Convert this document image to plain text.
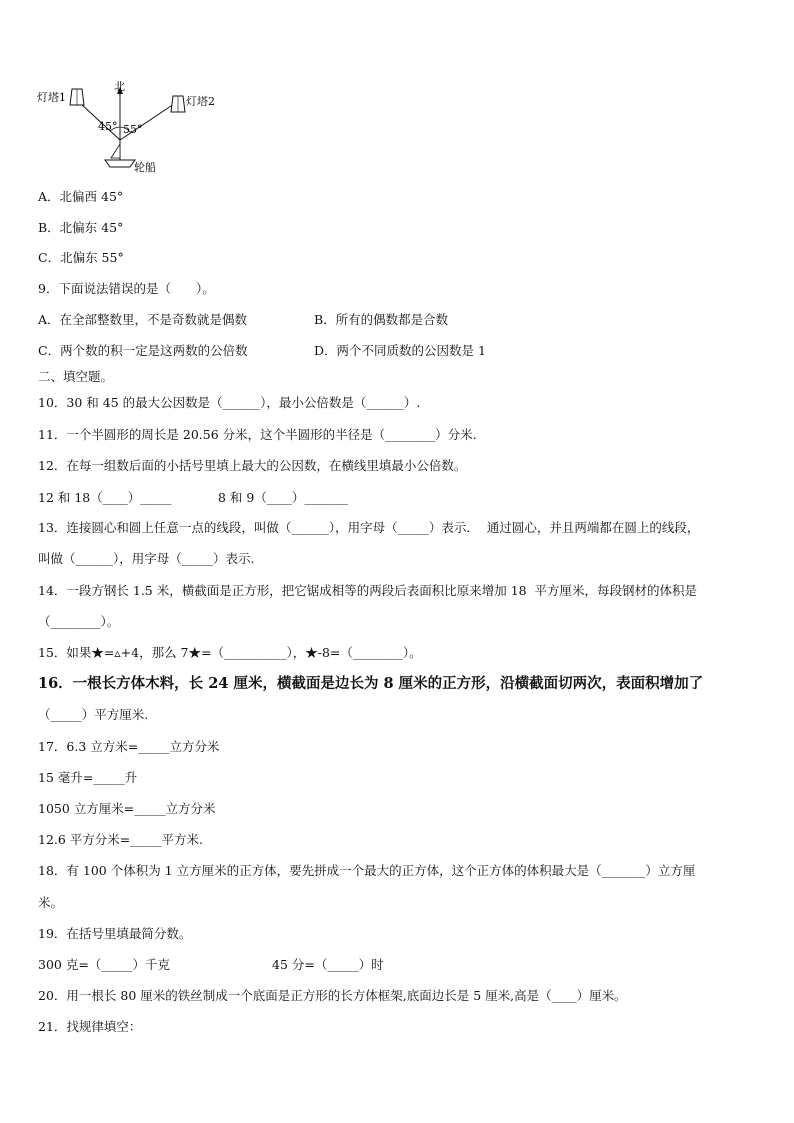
北
45° 55°
灯塔1	灯塔2
轮船
A．北偏西 45°
B．北偏东 45°
C．北偏东 55°
9．下面说法错误的是（　　）。
A．在全部整数里，不是奇数就是偶数	B．所有的偶数都是合数
C．两个数的积一定是这两数的公倍数	D．两个不同质数的公因数是 1
二、填空题。
10．30 和 45 的最大公因数是（______），最小公倍数是（______）.
11．一个半圆形的周长是 20.56 分米，这个半圆形的半径是（________）分米.
12．在每一组数后面的小括号里填上最大的公因数，在横线里填最小公倍数。
12 和 18（____）_____	8 和 9（____）_______
13．连接圆心和圆上任意一点的线段，叫做（______），用字母（_____）表示．  通过圆心，并且两端都在圆上的线段，
叫做（______），用字母（_____）表示.
14．一段方钢长 1.5 米，横截面是正方形，把它锯成相等的两段后表面积比原来增加 18  平方厘米，每段钢材的体积是
（________）。
15．如果★=▵+4，那么 7★=（__________），★-8=（________）。
16．一根长方体木料，长 24 厘米，横截面是边长为 8 厘米的正方形，沿横截面切两次，表面积增加了
（_____）平方厘米.
17．6.3 立方米=_____立方分米
15 毫升=_____升
1050 立方厘米=_____立方分米
12.6 平方分米=_____平方米.
18．有 100 个体积为 1 立方厘米的正方体，要先拼成一个最大的正方体，这个正方体的体积最大是（_______）立方厘
米。
19．在括号里填最简分数。
300 克=（_____）千克	45 分=（_____）时
20．用一根长 80 厘米的铁丝制成一个底面是正方形的长方体框架,底面边长是 5 厘米,高是（____）厘米。
21．找规律填空：
